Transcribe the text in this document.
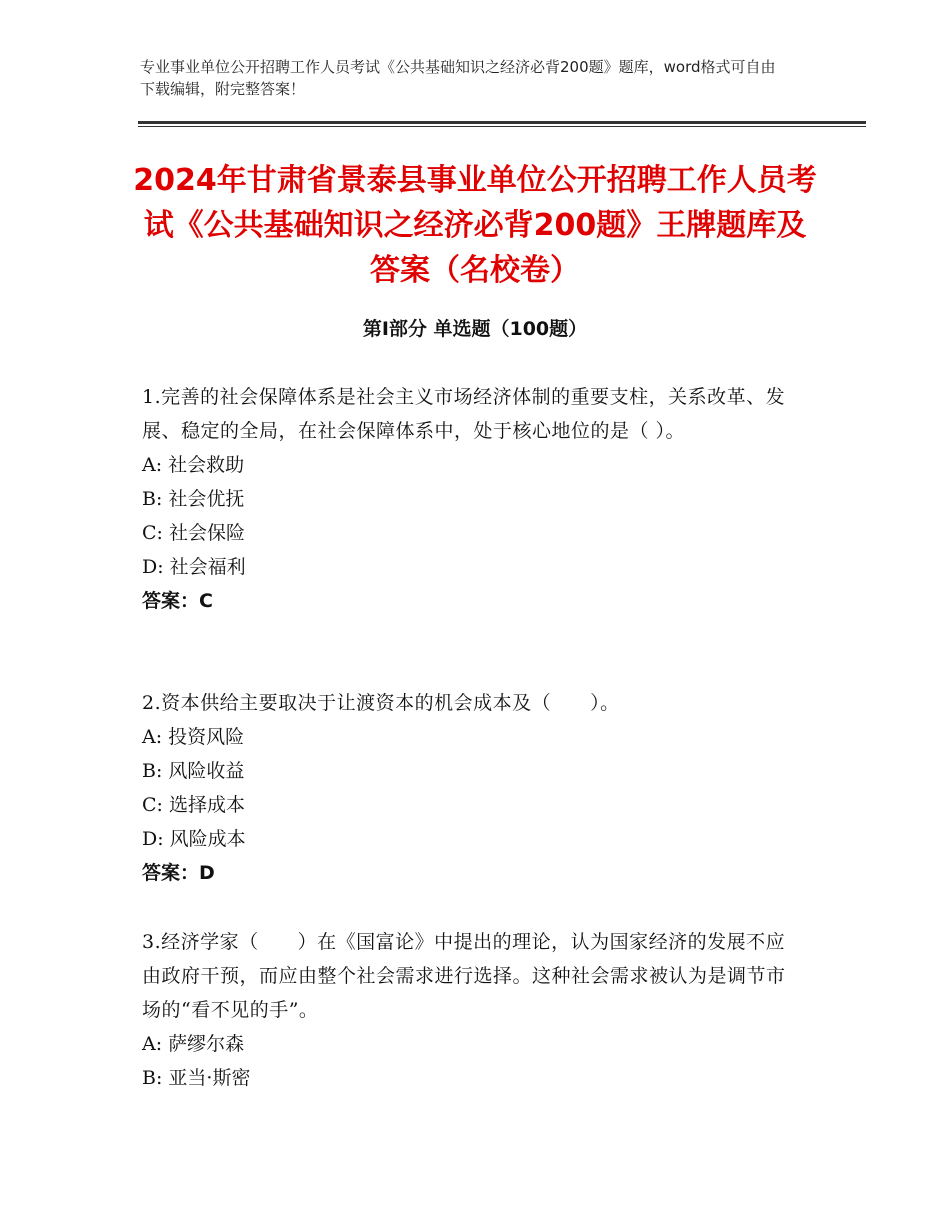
专业事业单位公开招聘工作人员考试《公共基础知识之经济必背200题》题库，word格式可自由下载编辑，附完整答案！
2024年甘肃省景泰县事业单位公开招聘工作人员考试《公共基础知识之经济必背200题》王牌题库及答案（名校卷）
第Ⅰ部分 单选题（100题）
1.完善的社会保障体系是社会主义市场经济体制的重要支柱，关系改革、发展、稳定的全局，在社会保障体系中，处于核心地位的是（ ）。
A: 社会救助
B: 社会优抚
C: 社会保险
D: 社会福利
答案：C
2.资本供给主要取决于让渡资本的机会成本及（　　）。
A: 投资风险
B: 风险收益
C: 选择成本
D: 风险成本
答案：D
3.经济学家（　　）在《国富论》中提出的理论，认为国家经济的发展不应由政府干预，而应由整个社会需求进行选择。这种社会需求被认为是调节市场的“看不见的手”。
A: 萨缪尔森
B: 亚当·斯密
